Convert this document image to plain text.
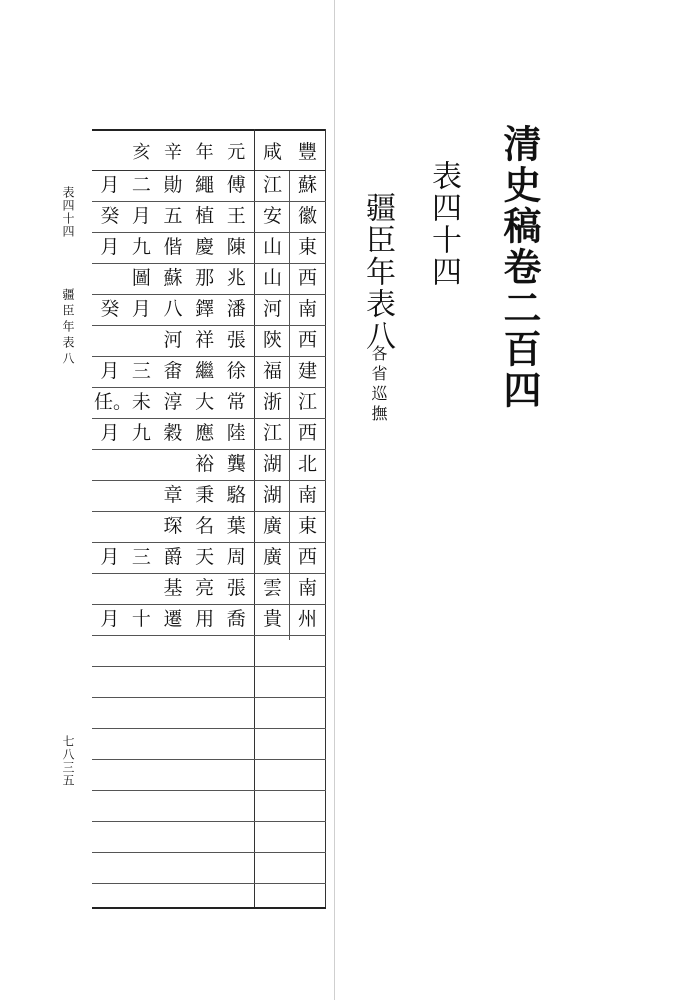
清史稿卷二百四
表四十四
疆臣年表八
各省巡撫
表四十四
疆臣年表八
七八三五
咸 豐
元
年
辛
亥
江 蘇
傅
繩
勛
二
月
安 徽
王
植
五
月
癸
山 東
陳
慶
偕
九
月
山 西
兆
那
蘇
圖
河 南
潘
鐸
八
月
癸
陝 西
張
祥
河
福 建
徐
繼
畬
三
月
浙 江
常
大
淳
未
任。
江 西
陸
應
穀
九
月
湖 北
龔
裕
湖 南
駱
秉
章
廣 東
葉
名
琛
廣 西
周
天
爵
三
月
雲 南
張
亮
基
貴 州
喬
用
遷
十
月
